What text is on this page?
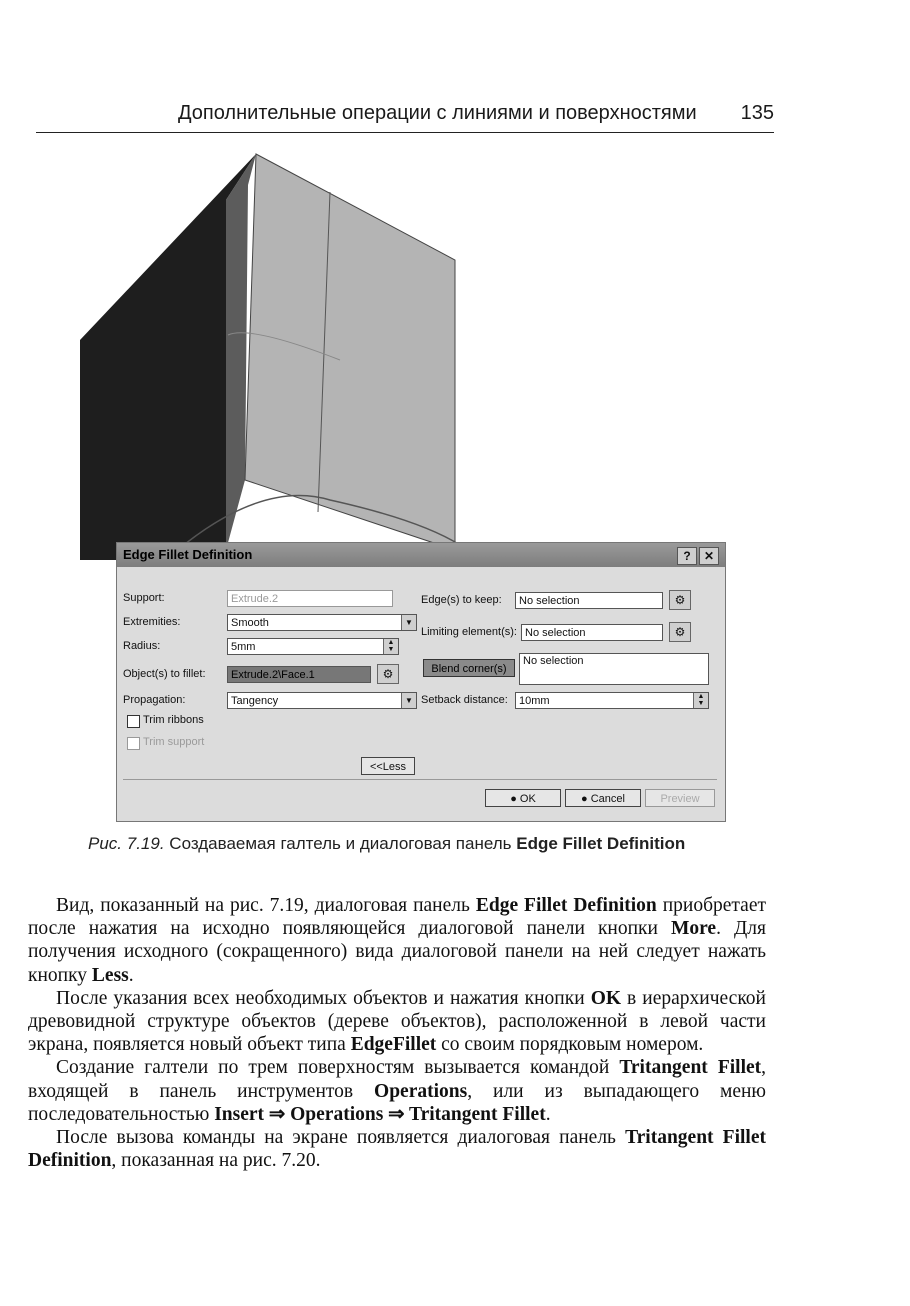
Дополнительные операции с линиями и поверхностями 135
Edge Fillet Definition	?	✕
Support:	Extrude.2
Extremities:	Smooth	▼
Radius:	5mm	▲
▼
Object(s) to fillet:	Extrude.2\Face.1	⚙
Propagation:	Tangency	▼
Trim ribbons
Trim support
Edge(s) to keep:	No selection	⚙
Limiting element(s): No selection	⚙
Blend corner(s)
No selection
Setback distance:	10mm	▲
▼
<<Less
● OK	● Cancel	Preview
Рис. 7.19. Создаваемая галтель и диалоговая панель Edge Fillet Definition

Вид, показанный на рис. 7.19, диалоговая панель Edge Fillet Definition приобретает после нажатия на исходно появляющейся диалоговой панели кнопки More. Для получения исходного (сокращенного) вида диалоговой панели на ней следует нажать кнопку Less.

После указания всех необходимых объектов и нажатия кнопки OK в иерархической древовидной структуре объектов (дереве объектов), расположенной в левой части экрана, появляется новый объект типа EdgeFillet со своим порядковым номером.

Создание галтели по трем поверхностям вызывается командой Tritangent Fillet, входящей в панель инструментов Operations, или из выпадающего меню последовательностью Insert ⇒ Operations ⇒ Tritangent Fillet.

После вызова команды на экране появляется диалоговая панель Tritangent Fillet Definition, показанная на рис. 7.20.
